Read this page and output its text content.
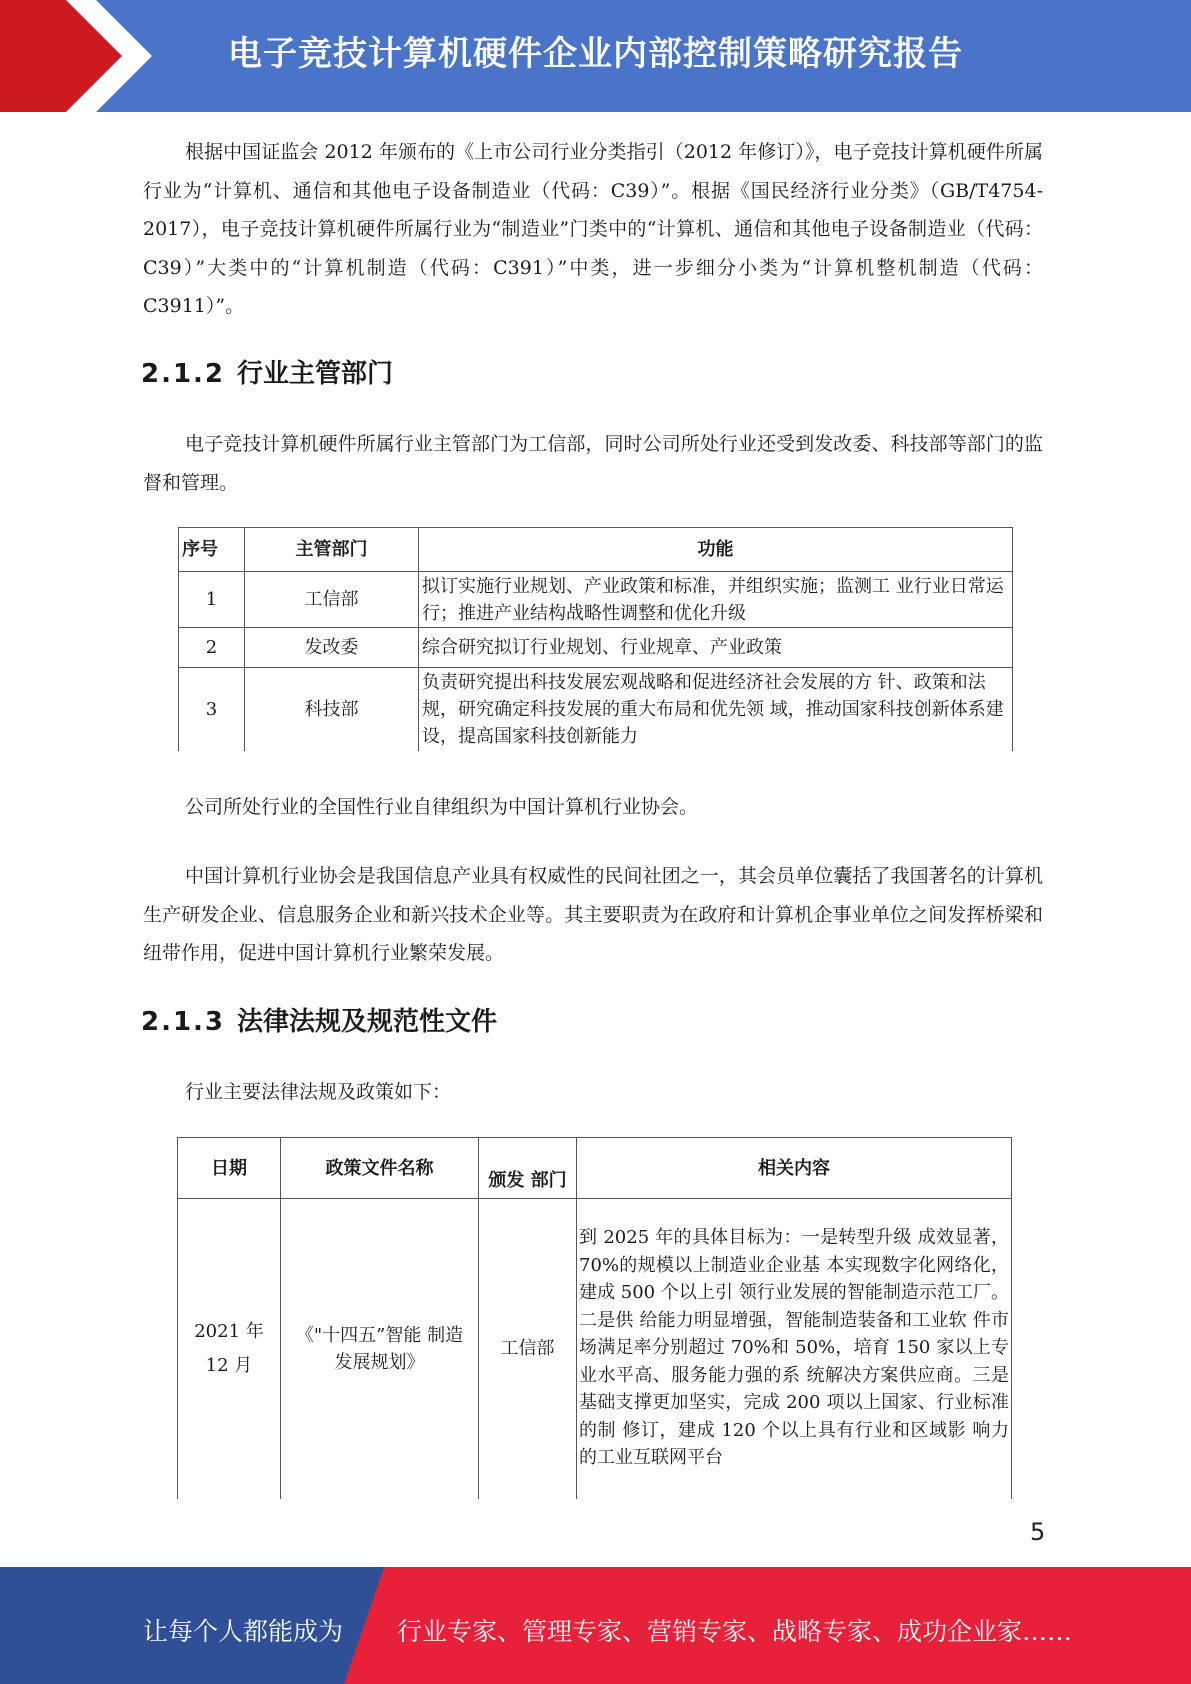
电子竞技计算机硬件企业内部控制策略研究报告

根据中国证监会 2012 年颁布的《上市公司行业分类指引（2012 年修订）》，电子竞技计算机硬件所属行业为“计算机、通信和其他电子设备制造业（代码：C39）”。根据《国民经济行业分类》（GB/T4754-2017），电子竞技计算机硬件所属行业为“制造业”门类中的“计算机、通信和其他电子设备制造业（代码：C39）”大类中的“计算机制造（代码：C391）”中类，进一步细分小类为“计算机整机制造（代码：C3911）”。

2.1.2 行业主管部门

电子竞技计算机硬件所属行业主管部门为工信部，同时公司所处行业还受到发改委、科技部等部门的监督和管理。

序号	主管部门	功能
1	工信部	拟订实施行业规划、产业政策和标准，并组织实施；监测工 业行业日常运行；推进产业结构战略性调整和优化升级
2	发改委	综合研究拟订行业规划、行业规章、产业政策
3	科技部	负责研究提出科技发展宏观战略和促进经济社会发展的方 针、政策和法规，研究确定科技发展的重大布局和优先领 域，推动国家科技创新体系建设，提高国家科技创新能力

公司所处行业的全国性行业自律组织为中国计算机行业协会。

中国计算机行业协会是我国信息产业具有权威性的民间社团之一，其会员单位囊括了我国著名的计算机生产研发企业、信息服务企业和新兴技术企业等。其主要职责为在政府和计算机企事业单位之间发挥桥梁和纽带作用，促进中国计算机行业繁荣发展。

2.1.3 法律法规及规范性文件

行业主要法律法规及政策如下：

日期	政策文件名称	颁发 部门	相关内容
2021 年 12 月	《"十四五”智能 制造发展规划》	工信部	到 2025 年的具体目标为：一是转型升级 成效显著，70%的规模以上制造业企业基 本实现数字化网络化，建成 500 个以上引 领行业发展的智能制造示范工厂。二是供 给能力明显增强，智能制造装备和工业软 件市场满足率分别超过 70%和 50%，培育 150 家以上专业水平高、服务能力强的系 统解决方案供应商。三是基础支撑更加坚实，完成 200 项以上国家、行业标准的制 修订，建成 120 个以上具有行业和区域影 响力的工业互联网平台
5
让每个人都能成为 行业专家、管理专家、营销专家、战略专家、成功企业家……
